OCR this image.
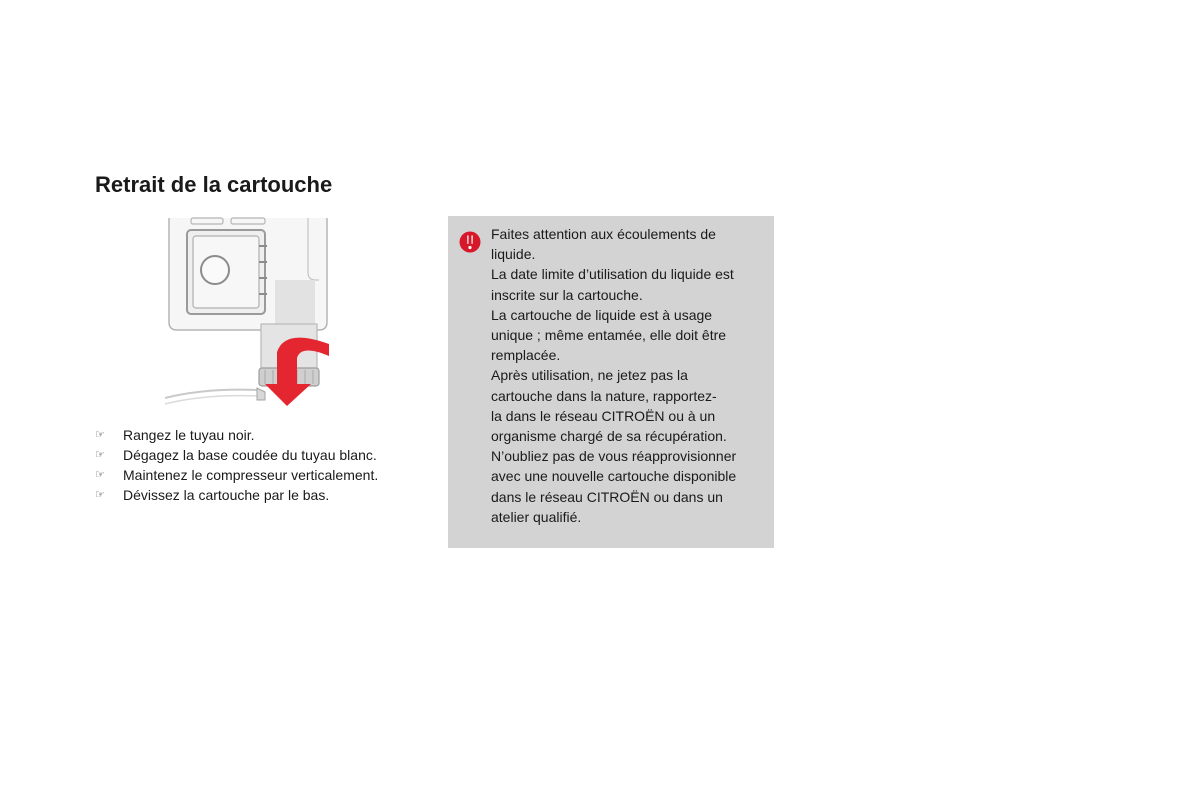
Retrait de la cartouche
☞	Rangez le tuyau noir.
☞	Dégagez la base coudée du tuyau blanc.
☞	Maintenez le compresseur verticalement.
☞	Dévissez la cartouche par le bas.
Faites attention aux écoulements de
liquide.
La date limite d’utilisation du liquide est
inscrite sur la cartouche.
La cartouche de liquide est à usage
unique ; même entamée, elle doit être
remplacée.
Après utilisation, ne jetez pas la
cartouche dans la nature, rapportez-
la dans le réseau CITROËN ou à un
organisme chargé de sa récupération.
N’oubliez pas de vous réapprovisionner
avec une nouvelle cartouche disponible
dans le réseau CITROËN ou dans un
atelier qualifié.
